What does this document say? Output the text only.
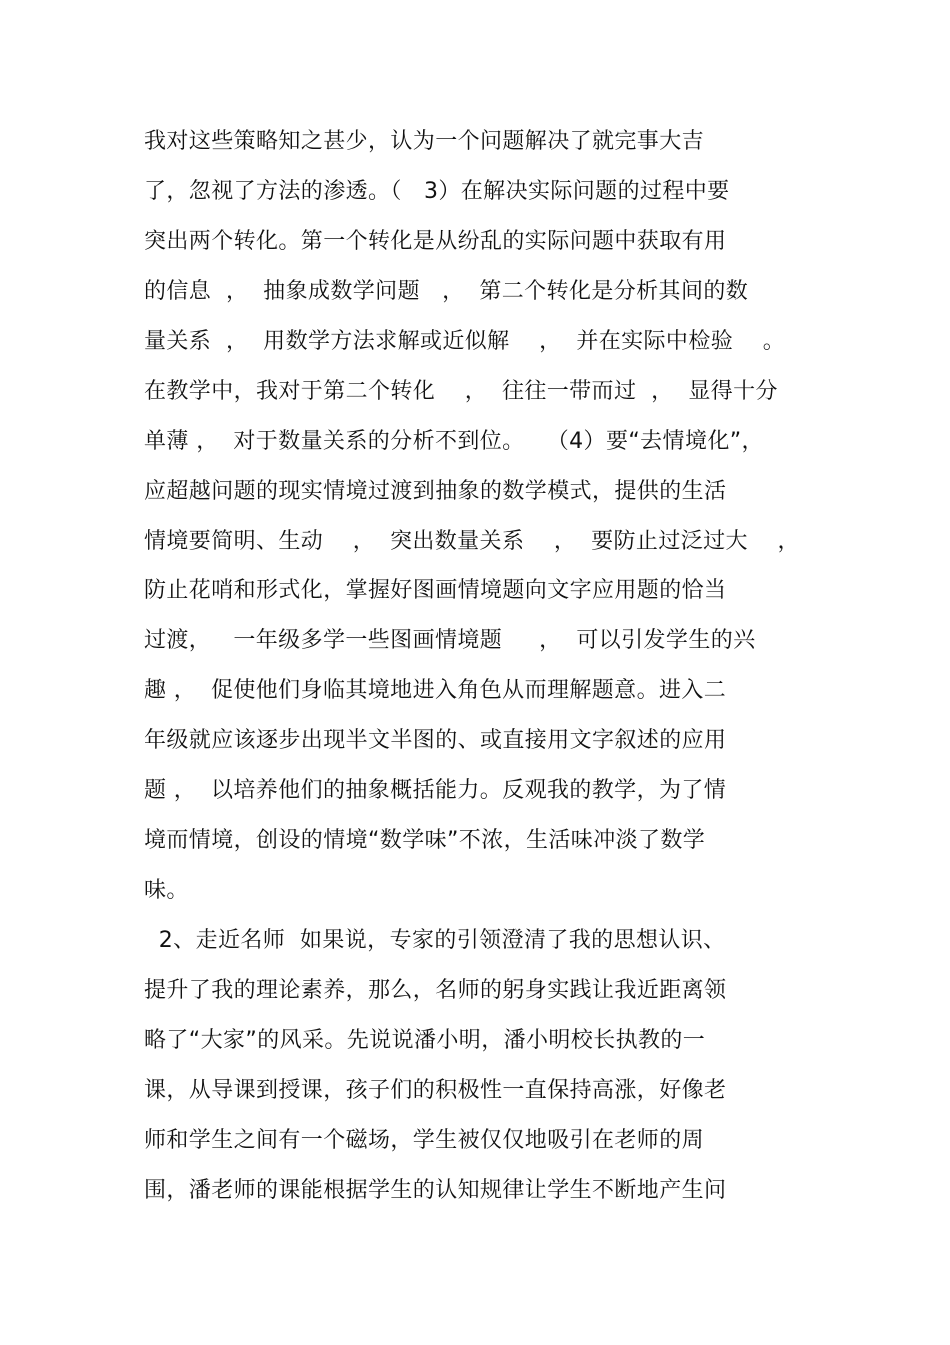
我对这些策略知之甚少，认为一个问题解决了就完事大吉
了，忽视了方法的渗透。（   3）在解决实际问题的过程中要
突出两个转化。第一个转化是从纷乱的实际问题中获取有用
的信息  ，  抽象成数学问题   ，  第二个转化是分析其间的数
量关系  ，  用数学方法求解或近似解    ，  并在实际中检验    。
在教学中，我对于第二个转化    ，  往往一带而过  ，  显得十分
单薄 ，  对于数量关系的分析不到位。   （4）要“去情境化”，
应超越问题的现实情境过渡到抽象的数学模式，提供的生活
情境要简明、生动    ，  突出数量关系    ，  要防止过泛过大    ，
防止花哨和形式化，掌握好图画情境题向文字应用题的恰当
过渡，   一年级多学一些图画情境题     ，  可以引发学生的兴
趣 ，  促使他们身临其境地进入角色从而理解题意。进入二
年级就应该逐步出现半文半图的、或直接用文字叙述的应用
题 ，  以培养他们的抽象概括能力。反观我的教学，为了情
境而情境，创设的情境“数学味”不浓，生活味冲淡了数学
味。
2、走近名师  如果说，专家的引领澄清了我的思想认识、
提升了我的理论素养，那么，名师的躬身实践让我近距离领
略了“大家”的风采。先说说潘小明，潘小明校长执教的一
课，从导课到授课，孩子们的积极性一直保持高涨，好像老
师和学生之间有一个磁场，学生被仅仅地吸引在老师的周
围，潘老师的课能根据学生的认知规律让学生不断地产生问
